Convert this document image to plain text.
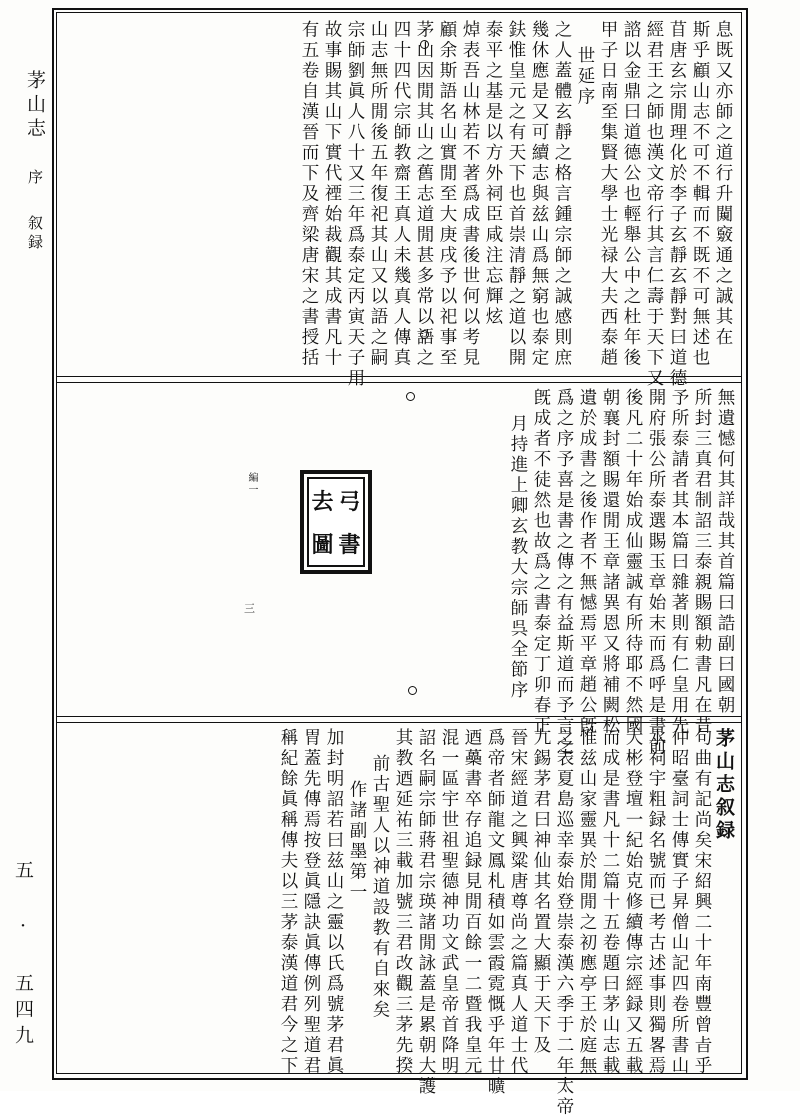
茅山志 序 叙録
五 · 五四九
息既又亦師之道行升闚竅通之誠其在
斯乎顧山志不可不輯而不既不可無述也
苜唐玄宗閒理化於李子玄靜玄靜對曰道德
經君王之師也漢文帝行其言仁壽于天下又
諮以金鼎曰道德公也輕舉公中之杜年後
甲子日南至集賢大學士光禄大夫西泰趙
世延序
之人蓋體玄靜之格言鍾宗師之誠感則庶
幾休應是又可續志與兹山爲無窮也泰定
鈇惟皇元之有天下也首崇清靜之道以開
泰平之基是以方外祠臣咸注忘輝炫
焯表吾山林若不著爲成書後世何以考見
顧余斯語名山實閒至大庚戌予以祀事至
茅山因閒其山之舊志道閒甚多常以語之
四十四代宗師教齋王真人未幾真人傳真
山志無所閒後五年復祀其山又以語之嗣
宗師劉眞人八十又三年爲泰定丙寅天子用
故事賜其山下實代禋始裁觀其成書凡十
有五卷自漢晉而下及齊梁唐宋之書授括
無遺憾何其詳哉其首篇曰誥副曰國朝
所封三真君制詔三泰親賜額勅書凡在昔
予所泰請者其本篇曰雜著則有仁皇用先
開府張公所泰選賜玉章始末而爲呼是書前
後凡二十年始成仙靈誠有所待耶不然國
朝襄封額賜還閒王章諸異恩又將補闕松
遺於成書之後作者不無憾焉平章趙公旣
爲之序予喜是書之傳之有益斯道而予言之
旣成者不徒然也故爲之書泰定丁卯春正
月持進上卿玄教大宗師呉全節序
去 弓
圖 書
編一
三
茅山志叙録
句曲有記尚矣宋紹興二十年南豐曾㫖乎
仲昭臺詞士傳實子昇僧山記四卷所書山
水祠宇粗録名號而已考古述事則獨畧焉
大彬登壇一紀始克修續傳宗經録又五載
而成是書凡十二篇十五卷題曰茅山志載
惟兹山家靈異於閒閒之初應亭王於庭無
之表夏島巡幸泰始登崇泰漢六季于二年太帝
九錫茅君曰神仙其名置大顯于天下及
晉宋經道之興粱唐尊尚之篇真人道士代
爲帝者師龍文鳳札積如雲霞霓慨乎年廿曠
迺蘽書卒存追録見閒百餘一二暨我皇元
混一區宇世祖聖德神功文武皇帝首降明
詔名嗣宗師蔣君宗瑛諸閒詠蓋是累朝大護
其教迺延祐三載加號三君改觀三茅先揆
前古聖人以神道設教有自來矣
作諸副墨第一
加封明詔若曰兹山之靈以氏爲號茅君眞
胃蓋先傳焉按登眞隱訣眞傳例列聖道君
稱紀餘眞稱傳夫以三茅泰漢道君今之下
